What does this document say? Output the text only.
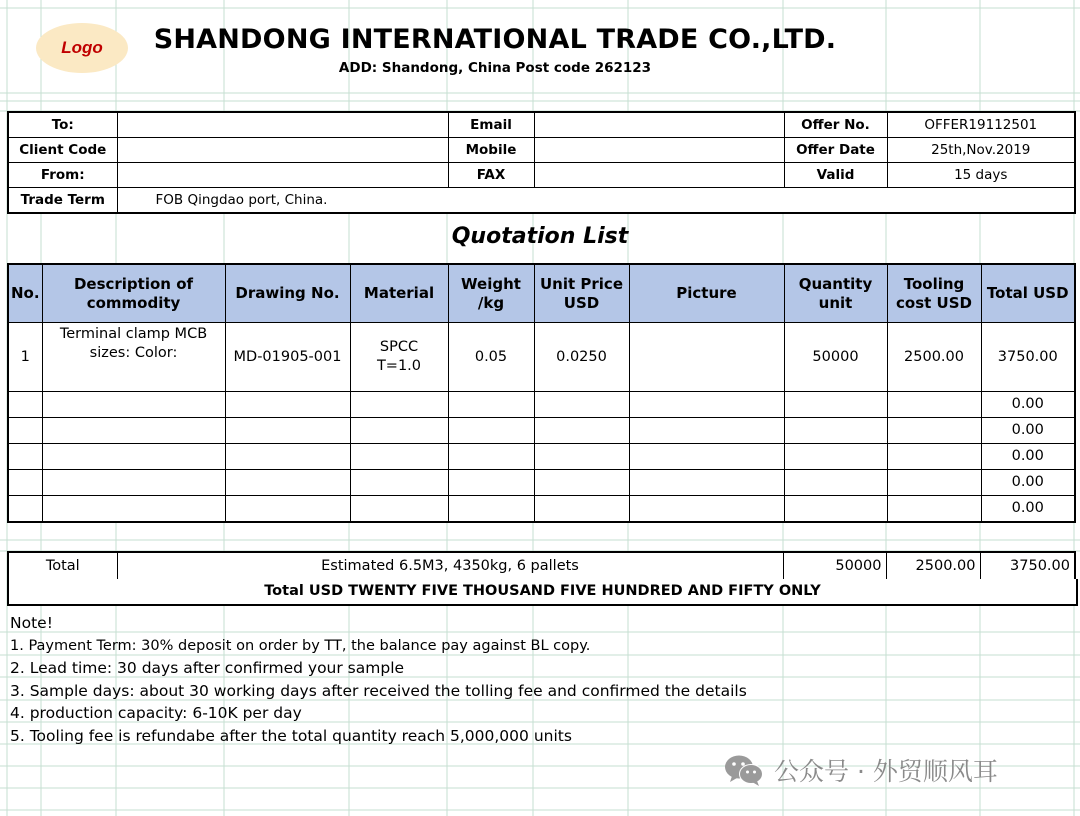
Logo	SHANDONG INTERNATIONAL TRADE CO.,LTD.
ADD: Shandong, China Post code 262123
To:		Email		Offer No.	OFFER19112501
Client Code		Mobile		Offer Date	25th,Nov.2019
From:		FAX		Valid	15 days
Trade Term	FOB Qingdao port, China.				
Quotation List
No.	Description of commodity	Drawing No.	Material	Weight /kg	Unit Price USD	Picture	Quantity unit	Tooling cost USD	Total USD
1	Terminal clamp MCB sizes: Color:	MD-01905-001	SPCC T=1.0	0.05	0.0250		50000	2500.00	3750.00
									0.00
									0.00
									0.00
									0.00
									0.00
Total	Estimated 6.5M3, 4350kg, 6 pallets	50000	2500.00	3750.00
Total USD TWENTY FIVE THOUSAND FIVE HUNDRED AND FIFTY ONLY
Note!
1. Payment Term: 30% deposit on order by TT, the balance pay against BL copy.
2. Lead time: 30 days after confirmed your sample
3. Sample days: about 30 working days after received the tolling fee and confirmed the details
4. production capacity: 6-10K per day
5. Tooling fee is refundabe after the total quantity reach 5,000,000 units
公众号 · 外贸顺风耳
